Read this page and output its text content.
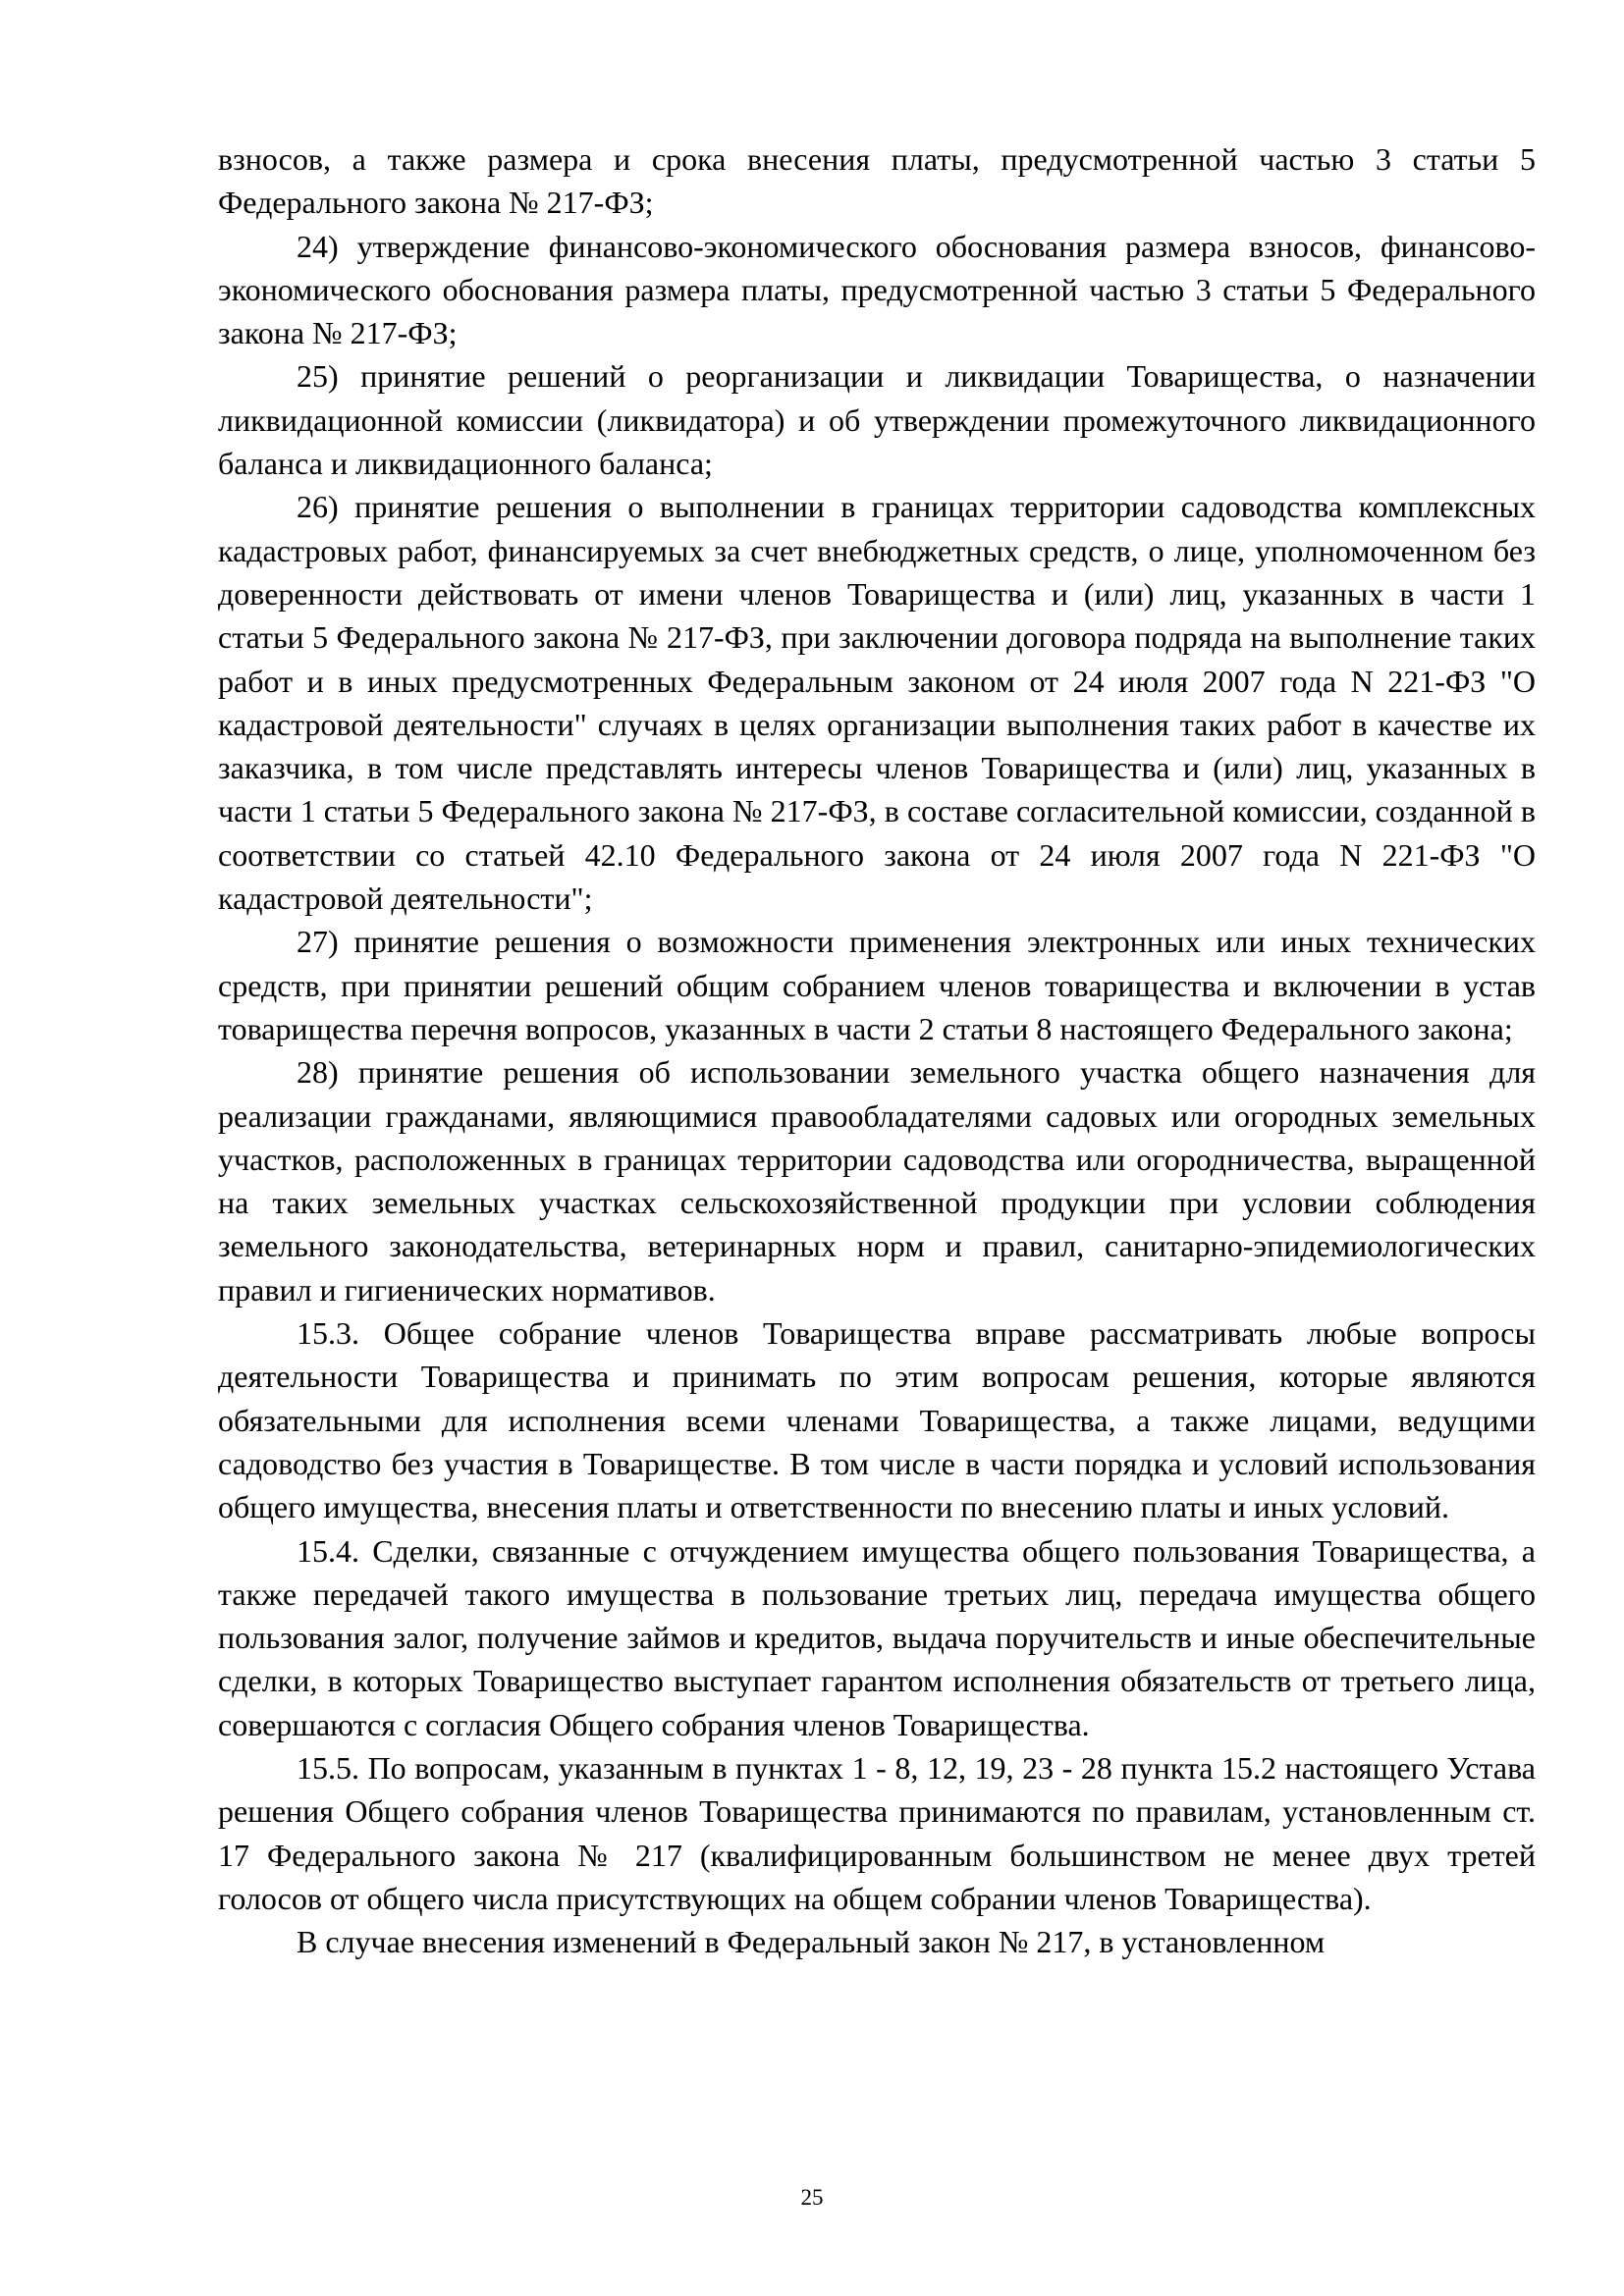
взносов, а также размера и срока внесения платы, предусмотренной частью 3 статьи 5 Федерального закона № 217-ФЗ;

24) утверждение финансово-экономического обоснования размера взносов, финансово-экономического обоснования размера платы, предусмотренной частью 3 статьи 5 Федерального закона № 217-ФЗ;

25) принятие решений о реорганизации и ликвидации Товарищества, о назначении ликвидационной комиссии (ликвидатора) и об утверждении промежуточного ликвидационного баланса и ликвидационного баланса;

26) принятие решения о выполнении в границах территории садоводства комплексных кадастровых работ, финансируемых за счет внебюджетных средств, о лице, уполномоченном без доверенности действовать от имени членов Товарищества и (или) лиц, указанных в части 1 статьи 5 Федерального закона № 217-ФЗ, при заключении договора подряда на выполнение таких работ и в иных предусмотренных Федеральным законом от 24 июля 2007 года N 221-ФЗ "О кадастровой деятельности" случаях в целях организации выполнения таких работ в качестве их заказчика, в том числе представлять интересы членов Товарищества и (или) лиц, указанных в части 1 статьи 5 Федерального закона № 217-ФЗ, в составе согласительной комиссии, созданной в соответствии со статьей 42.10 Федерального закона от 24 июля 2007 года N 221-ФЗ "О кадастровой деятельности";

27) принятие решения о возможности применения электронных или иных технических средств, при принятии решений общим собранием членов товарищества и включении в устав товарищества перечня вопросов, указанных в части 2 статьи 8 настоящего Федерального закона;

28) принятие решения об использовании земельного участка общего назначения для реализации гражданами, являющимися правообладателями садовых или огородных земельных участков, расположенных в границах территории садоводства или огородничества, выращенной на таких земельных участках сельскохозяйственной продукции при условии соблюдения земельного законодательства, ветеринарных норм и правил, санитарно-эпидемиологических правил и гигиенических нормативов.

15.3. Общее собрание членов Товарищества вправе рассматривать любые вопросы деятельности Товарищества и принимать по этим вопросам решения, которые являются обязательными для исполнения всеми членами Товарищества, а также лицами, ведущими садоводство без участия в Товариществе. В том числе в части порядка и условий использования общего имущества, внесения платы и ответственности по внесению платы и иных условий.

15.4. Сделки, связанные с отчуждением имущества общего пользования Товарищества, а также передачей такого имущества в пользование третьих лиц, передача имущества общего пользования залог, получение займов и кредитов, выдача поручительств и иные обеспечительные сделки, в которых Товарищество выступает гарантом исполнения обязательств от третьего лица, совершаются с согласия Общего собрания членов Товарищества.

15.5. По вопросам, указанным в пунктах 1 - 8, 12, 19, 23 - 28 пункта 15.2 настоящего Устава решения Общего собрания членов Товарищества принимаются по правилам, установленным ст. 17 Федерального закона № 217 (квалифицированным большинством не менее двух третей голосов от общего числа присутствующих на общем собрании членов Товарищества).

В случае внесения изменений в Федеральный закон № 217, в установленном

25
